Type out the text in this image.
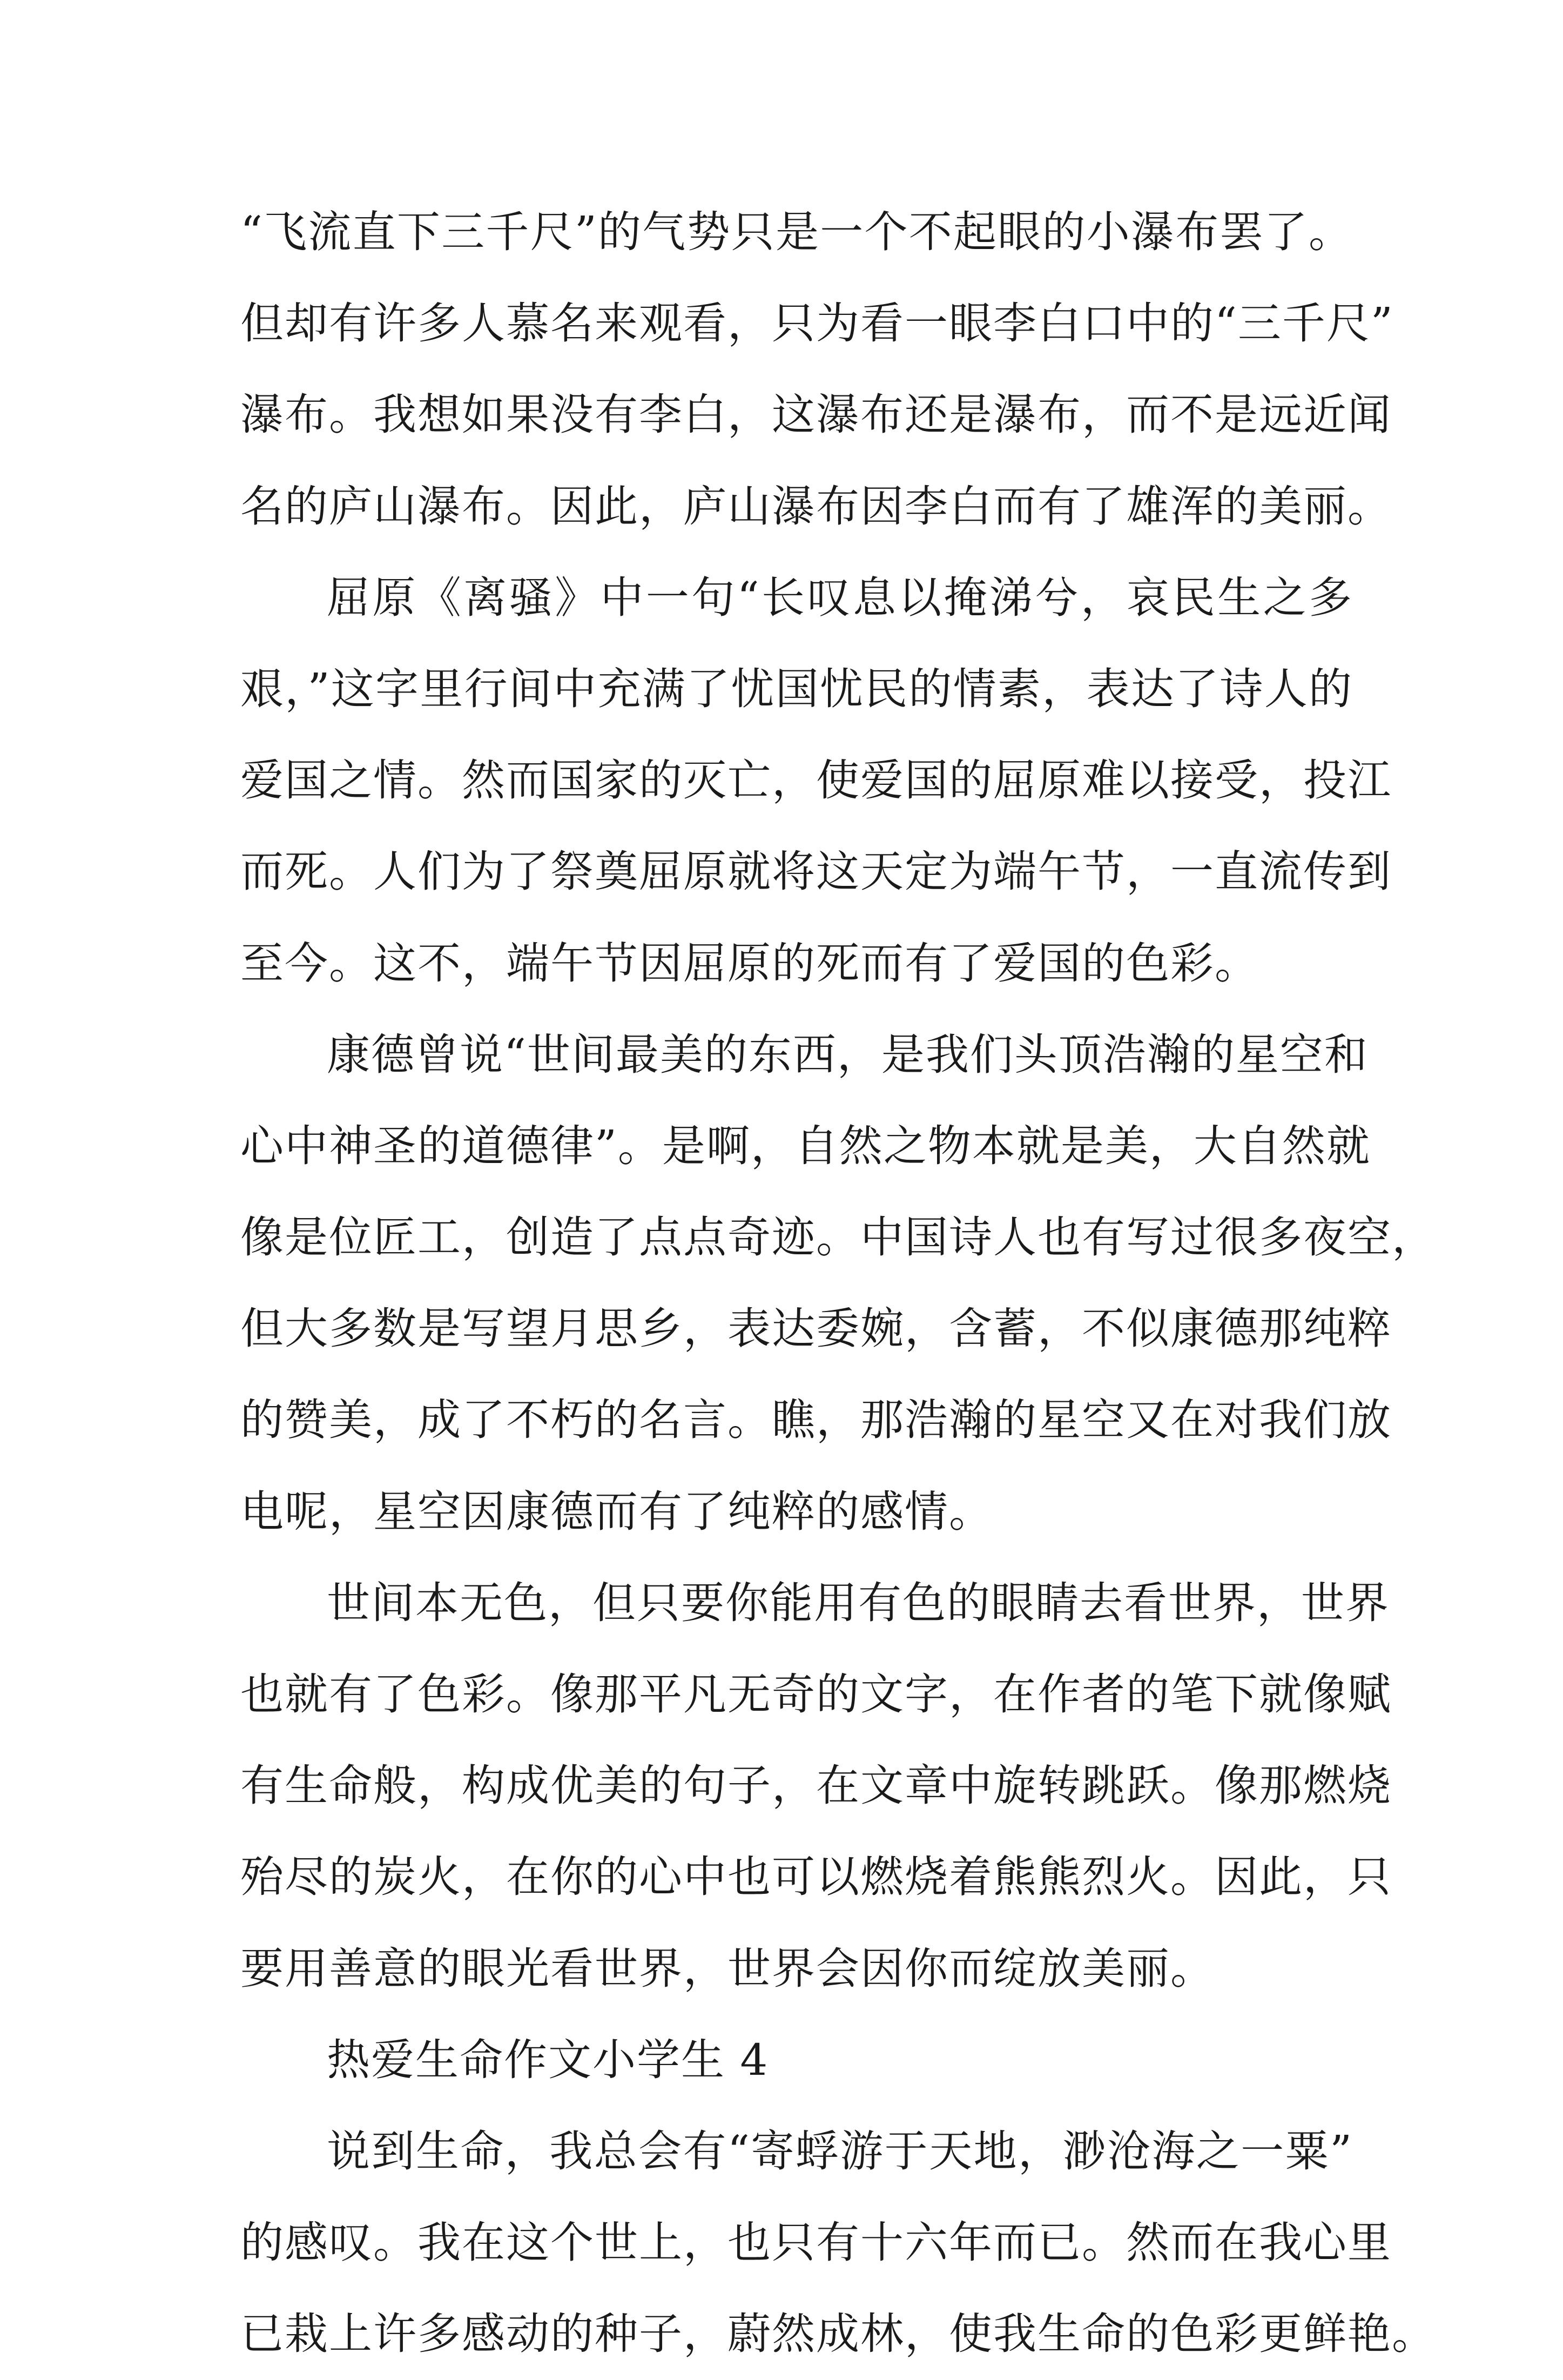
“飞流直下三千尺”的气势只是一个不起眼的小瀑布罢了。
但却有许多人慕名来观看，只为看一眼李白口中的“三千尺”
瀑布。我想如果没有李白，这瀑布还是瀑布，而不是远近闻
名的庐山瀑布。因此，庐山瀑布因李白而有了雄浑的美丽。
屈原《离骚》中一句“长叹息以掩涕兮，哀民生之多
艰，”这字里行间中充满了忧国忧民的情素，表达了诗人的
爱国之情。然而国家的灭亡，使爱国的屈原难以接受，投江
而死。人们为了祭奠屈原就将这天定为端午节，一直流传到
至今。这不，端午节因屈原的死而有了爱国的色彩。
康德曾说“世间最美的东西，是我们头顶浩瀚的星空和
心中神圣的道德律”。是啊，自然之物本就是美，大自然就
像是位匠工，创造了点点奇迹。中国诗人也有写过很多夜空，
但大多数是写望月思乡，表达委婉，含蓄，不似康德那纯粹
的赞美，成了不朽的名言。瞧，那浩瀚的星空又在对我们放
电呢，星空因康德而有了纯粹的感情。
世间本无色，但只要你能用有色的眼睛去看世界，世界
也就有了色彩。像那平凡无奇的文字，在作者的笔下就像赋
有生命般，构成优美的句子，在文章中旋转跳跃。像那燃烧
殆尽的炭火，在你的心中也可以燃烧着熊熊烈火。因此，只
要用善意的眼光看世界，世界会因你而绽放美丽。
热爱生命作文小学生 4
说到生命，我总会有“寄蜉游于天地，渺沧海之一粟”
的感叹。我在这个世上，也只有十六年而已。然而在我心里
已栽上许多感动的种子，蔚然成林，使我生命的色彩更鲜艳。
